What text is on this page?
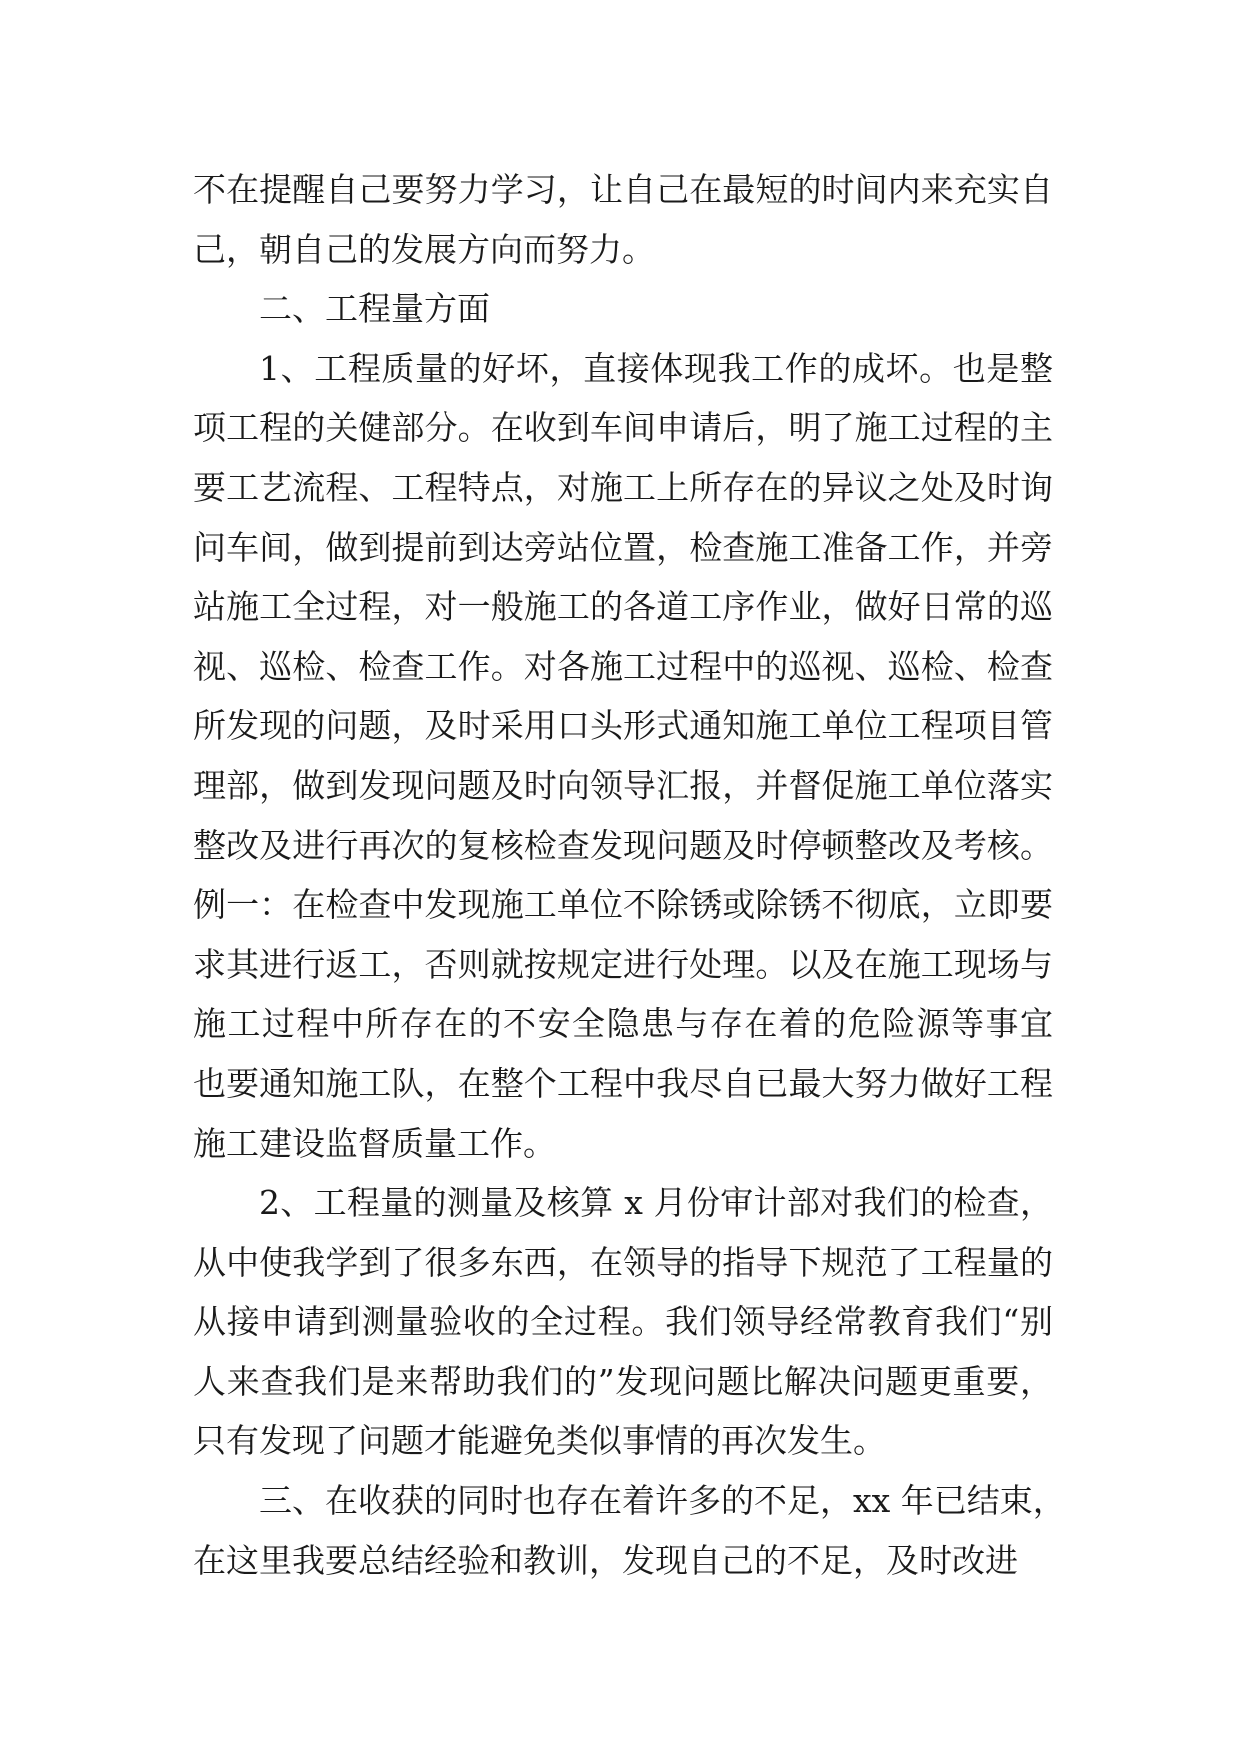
不在提醒自己要努力学习，让自己在最短的时间内来充实自
己，朝自己的发展方向而努力。
二、工程量方面
1、工程质量的好坏，直接体现我工作的成坏。也是整
项工程的关健部分。在收到车间申请后，明了施工过程的主
要工艺流程、工程特点，对施工上所存在的异议之处及时询
问车间，做到提前到达旁站位置，检查施工准备工作，并旁
站施工全过程，对一般施工的各道工序作业，做好日常的巡
视、巡检、检查工作。对各施工过程中的巡视、巡检、检查
所发现的问题，及时采用口头形式通知施工单位工程项目管
理部，做到发现问题及时向领导汇报，并督促施工单位落实
整改及进行再次的复核检查发现问题及时停顿整改及考核。
例一：在检查中发现施工单位不除锈或除锈不彻底，立即要
求其进行返工，否则就按规定进行处理。以及在施工现场与
施工过程中所存在的不安全隐患与存在着的危险源等事宜
也要通知施工队，在整个工程中我尽自已最大努力做好工程
施工建设监督质量工作。
2、工程量的测量及核算 x 月份审计部对我们的检查，
从中使我学到了很多东西，在领导的指导下规范了工程量的
从接申请到测量验收的全过程。我们领导经常教育我们“别
人来查我们是来帮助我们的”发现问题比解决问题更重要，
只有发现了问题才能避免类似事情的再次发生。
三、在收获的同时也存在着许多的不足，xx 年已结束，
在这里我要总结经验和教训，发现自己的不足，及时改进
